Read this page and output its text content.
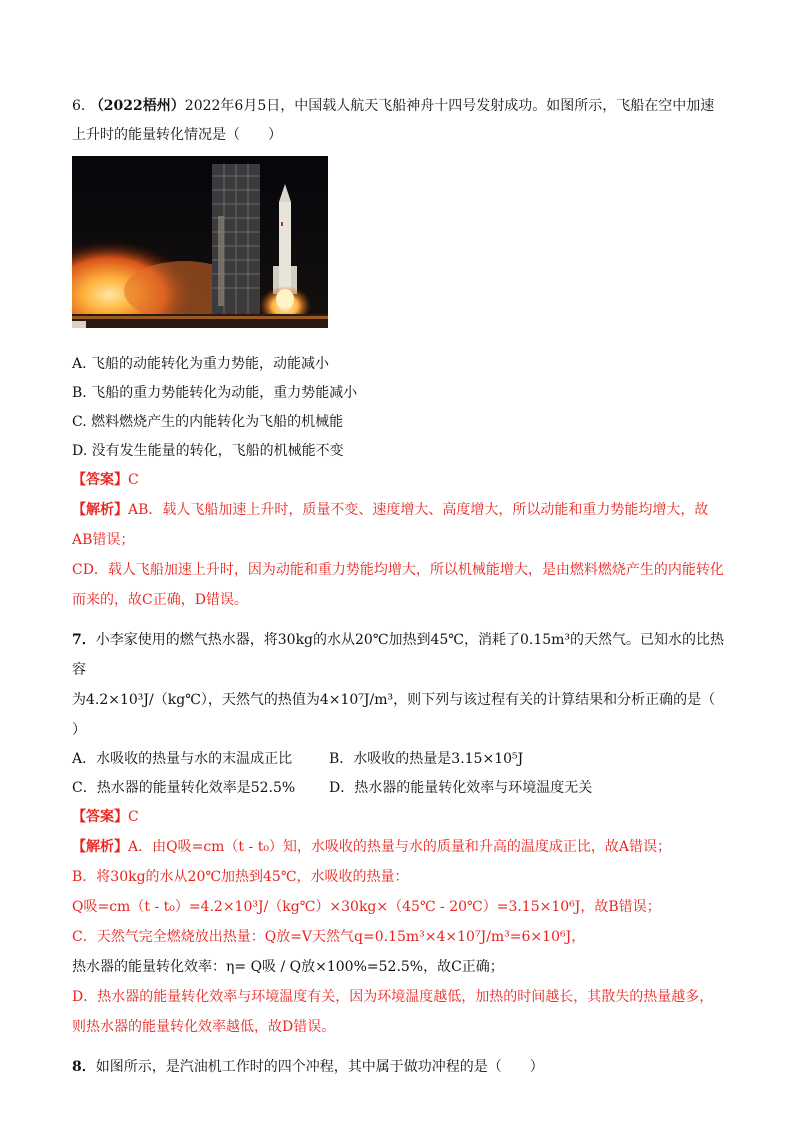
6. （2022梧州）2022年6月5日，中国载人航天飞船神舟十四号发射成功。如图所示，飞船在空中加速
上升时的能量转化情况是（　　）

A. 飞船的动能转化为重力势能，动能减小
B. 飞船的重力势能转化为动能，重力势能减小
C. 燃料燃烧产生的内能转化为飞船的机械能
D. 没有发生能量的转化，飞船的机械能不变
【答案】C

【解析】AB．载人飞船加速上升时，质量不变、速度增大、高度增大，所以动能和重力势能均增大，故
AB错误；
CD．载人飞船加速上升时，因为动能和重力势能均增大，所以机械能增大，是由燃料燃烧产生的内能转化
而来的，故C正确，D错误。

7．小李家使用的燃气热水器，将30kg的水从20℃加热到45℃，消耗了0.15m³的天然气。已知水的比热容
为4.2×10³J/（kg℃），天然气的热值为4×10⁷J/m³，则下列与该过程有关的计算结果和分析正确的是（
）

A．水吸收的热量与水的末温成正比	B．水吸收的热量是3.15×10⁵J
C．热水器的能量转化效率是52.5%	D．热水器的能量转化效率与环境温度无关
【答案】C

【解析】A．由Q吸=cm（t - t₀）知，水吸收的热量与水的质量和升高的温度成正比，故A错误；
B．将30kg的水从20℃加热到45℃，水吸收的热量：
Q吸=cm（t - t₀）=4.2×10³J/（kg℃）×30kg×（45℃ - 20℃）=3.15×10⁶J，故B错误；
C．天然气完全燃烧放出热量：Q放=V天然气q=0.15m³×4×10⁷J/m³=6×10⁶J，
热水器的能量转化效率：η= Q吸 / Q放×100%=52.5%，故C正确；
D．热水器的能量转化效率与环境温度有关，因为环境温度越低，加热的时间越长，其散失的热量越多，
则热水器的能量转化效率越低，故D错误。

8．如图所示，是汽油机工作时的四个冲程，其中属于做功冲程的是（　　）
